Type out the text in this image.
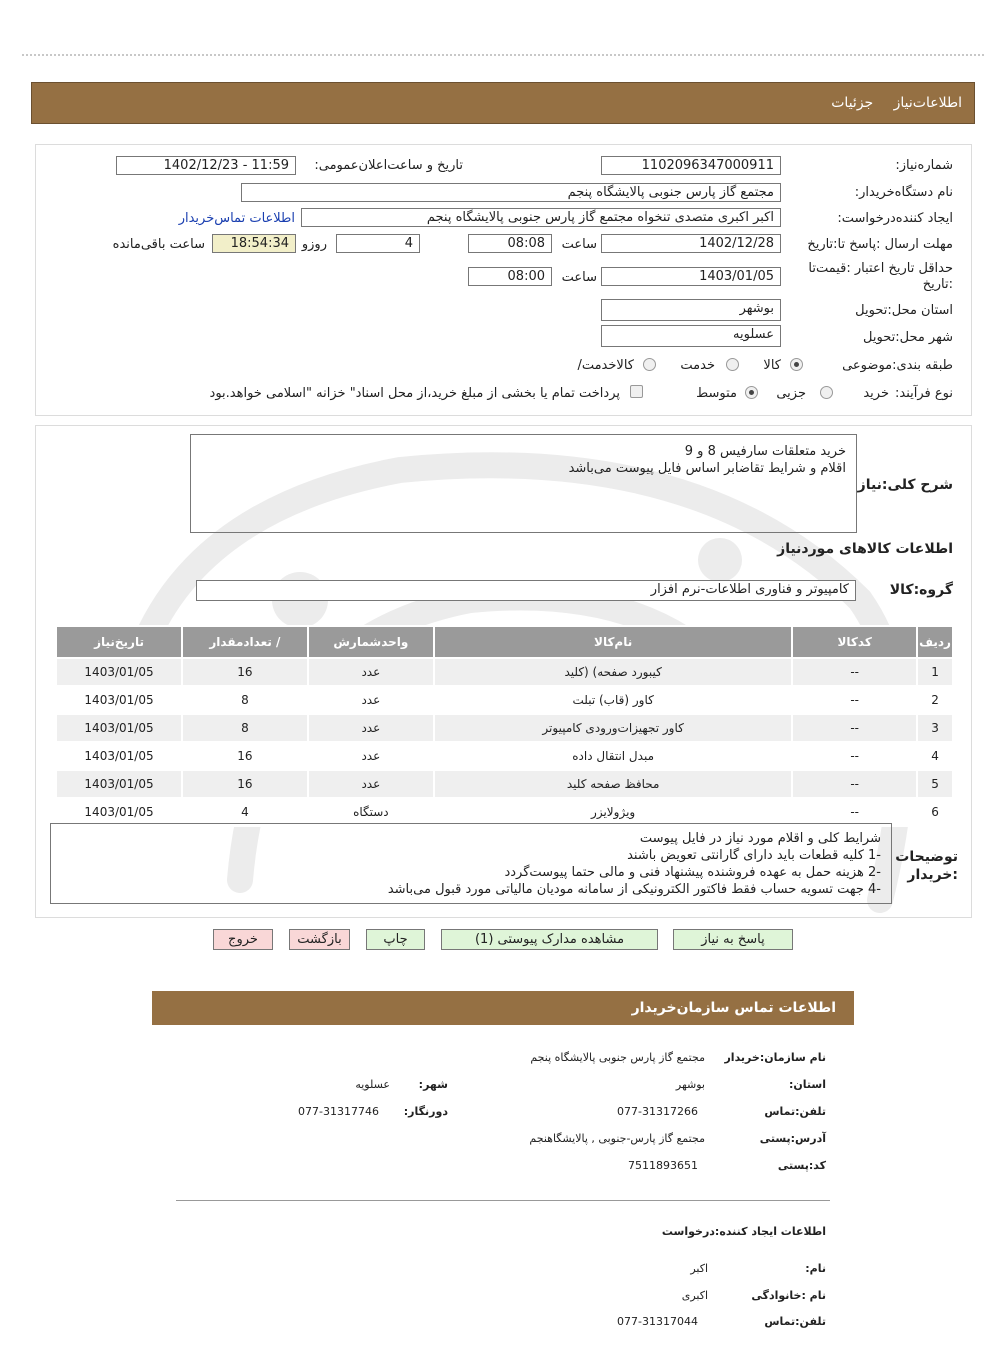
اطلاعات‌نیاز جزئیات
شماره‌نیاز:
1102096347000911
تاریخ و ساعت‌اعلان‌عمومی:
1402/12/23 - 11:59
نام دستگاه‌خریدار:
مجتمع گاز پارس جنوبی پالایشگاه پنجم
ایجاد کننده‌درخواست:
اکبر اکبری متصدی تنخواه مجتمع گاز پارس جنوبی پالایشگاه پنجم
اطلاعات تماس‌خریدار
مهلت ارسال :پاسخ تا:تاریخ
1402/12/28
ساعت
08:08
4
روزو
18:54:34
ساعت باقی‌مانده
حداقل تاریخ اعتبار :قیمت‌تا :تاریخ
1403/01/05
ساعت
08:00
استان محل:تحویل
بوشهر
شهر محل:تحویل
عسلویه
طبقه بندی:موضوعی
کالا
خدمت
کالاخدمت/
نوع فرآیند:
خرید
جزیی
متوسط
پرداخت تمام یا بخشی از مبلغ خرید،از محل اسناد" خزانه "اسلامی خواهد.بود
شرح کلی:نیاز
خرید متعلقات سارفیس 8 و 9
اقلام و شرایط تقاضابر اساس فایل پیوست می‌باشد
اطلاعات کالاهای مورد‌نیاز
گروه:کالا
کامپیوتر و فناوری اطلاعات-نرم افزار
ردیف	کدکالا	نام‌کالا	واحدشمارش	/ تعدادمقدار	تاریخ‌نیاز
1	--	کیبورد صفحه) (کلید	عدد	16	1403/01/05
2	--	کاور (قاب) تبلت	عدد	8	1403/01/05
3	--	کاور تجهیزات‌ورودی کامپیوتر	عدد	8	1403/01/05
4	--	مبدل انتقال داده	عدد	16	1403/01/05
5	--	محافظ صفحه کلید	عدد	16	1403/01/05
6	--	ویژولایزر	دستگاه	4	1403/01/05
توضیحات :خریدار
شرایط کلی و اقلام مورد نیاز در فایل پیوست
-1 کلیه قطعات باید دارای گارانتی تعویض باشند
-2 هزینه حمل به عهده فروشنده پیشنهاد فنی و مالی حتما پیوست‌گردد
-4 جهت تسویه حساب فقط فاکتور الکترونیکی از سامانه مودیان مالیاتی مورد قبول می‌باشد
پاسخ به نیاز
مشاهده مدارک پیوستی (1)
چاپ
بازگشت
خروج
اطلاعات تماس سازمان‌خریدار
نام سازمان:خریدار
مجتمع گاز پارس جنوبی پالایشگاه پنجم
استان:
بوشهر
شهر:
عسلویه
تلفن:تماس
077-31317266
دورنگار:
077-31317746
آدرس:پستی
مجتمع گاز پارس-جنوبی , پالایشگاهنجم
کد:پستی
7511893651
اطلاعات ایجاد کننده:درخواست
نام:
اکبر
نام :خانوادگی
اکبری
تلفن:تماس
077-31317044
